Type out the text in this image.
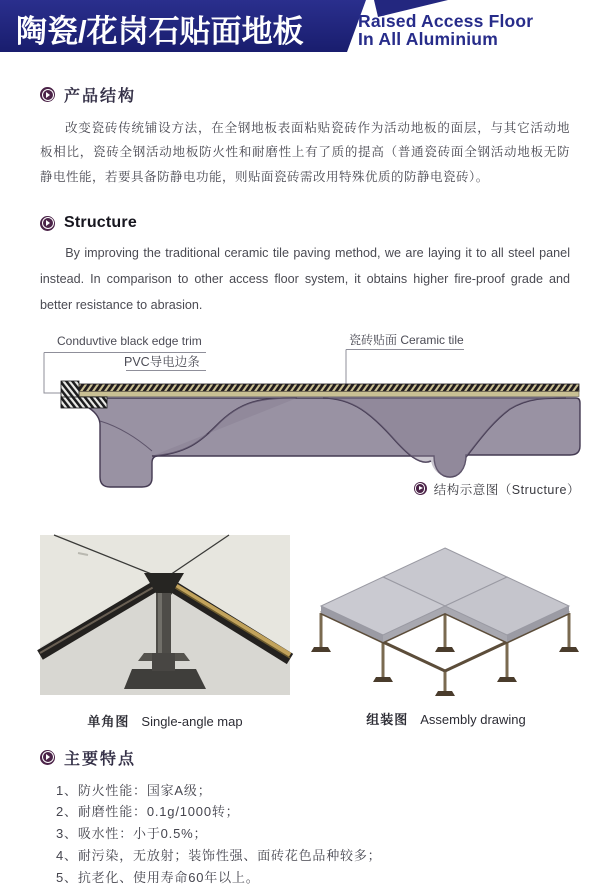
陶瓷/花岗石贴面地板	Raised Access Floor
In All Aluminium
产品结构

改变瓷砖传统铺设方法，在全钢地板表面粘贴瓷砖作为活动地板的面层，与其它活动地板相比，瓷砖全钢活动地板防火性和耐磨性上有了质的提高（普通瓷砖面全钢活动地板无防静电性能，若要具备防静电功能，则贴面瓷砖需改用特殊优质的防静电瓷砖）。

Structure

By improving the traditional ceramic tile paving method, we are laying it to all steel panel instead. In comparison to other access floor system, it obtains higher fire-proof grade and better resistance to abrasion.

Conduvtive black edge trim
PVC导电边条
瓷砖贴面 Ceramic tile
结构示意图（Structure）
单角图 Single-angle map	组装图 Assembly drawing
主要特点
1、防火性能：国家A级；
2、耐磨性能：0.1g/1000转；
3、吸水性：小于0.5%；
4、耐污染，无放射；装饰性强、面砖花色品种较多；
5、抗老化、使用寿命60年以上。
